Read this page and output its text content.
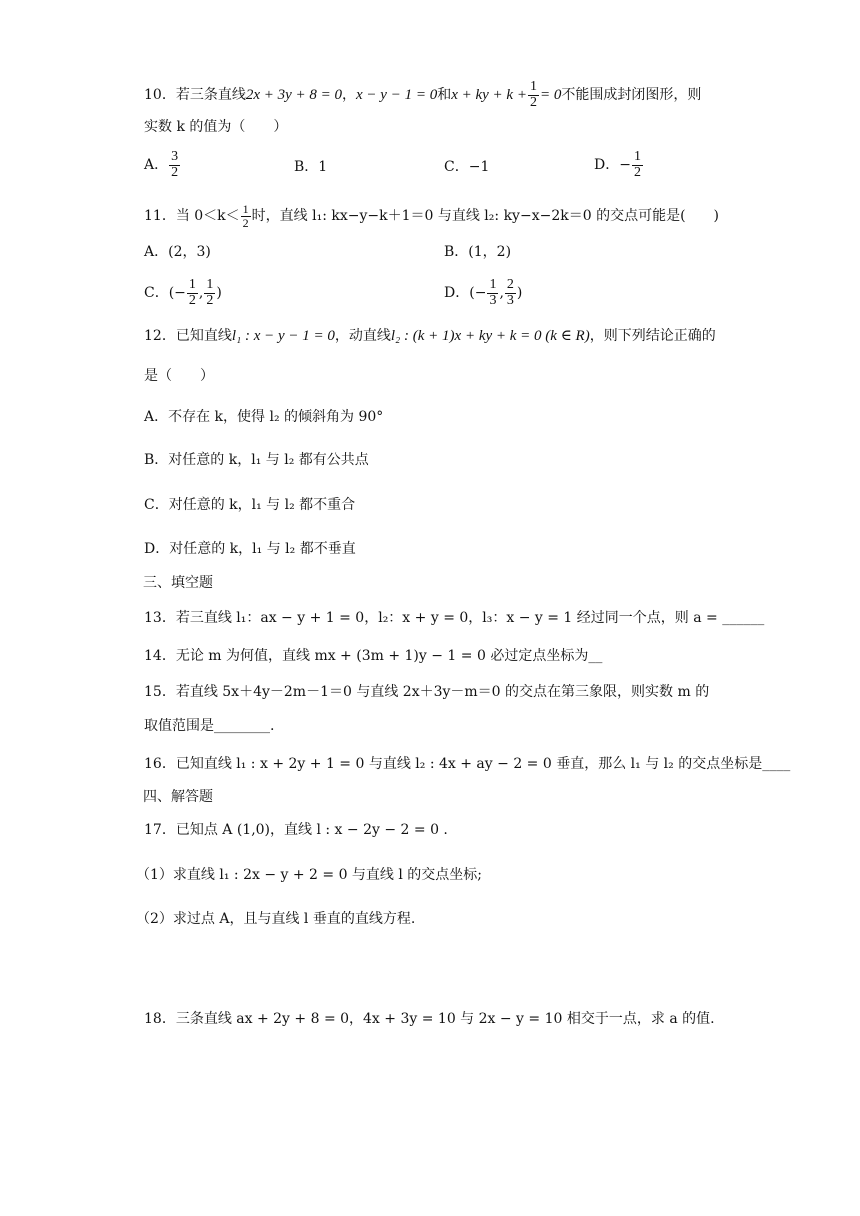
10．若三条直线2x + 3y + 8 = 0，x − y − 1 = 0和x + ky + $k + \frac{1}{2} = 0$不能围成封闭图形，则
实数 k 的值为（　　）
A． $\frac{3}{2}$	B．1	C．−1	D．− $\frac{1}{2}$
11．当 $0<k< \frac{1}{2}$ 时，直线 l₁: kx−y−k＋1＝0 与直线 l₂: ky−x−2k＝0 的交点可能是(　　)
A．(2，3)	B．(1，2)
C．(− $\frac{1}{2}$ , $\frac{1}{2}$ )	D．(− $\frac{1}{3}$ , $\frac{2}{3}$ )
12．已知直线l₁ : x − y − 1 = 0，动直线l₂ : (k + 1)x + ky + k = 0 (k ∈ R)，则下列结论正确的
是（　　）
A．不存在 k，使得 l₂ 的倾斜角为 90°
B．对任意的 k，l₁ 与 l₂ 都有公共点
C．对任意的 k，l₁ 与 l₂ 都不重合
D．对任意的 k，l₁ 与 l₂ 都不垂直
三、填空题
13．若三直线 l₁：ax − y + 1 = 0，l₂：x + y = 0，l₃：x − y = 1 经过同一个点，则 a = ______
14．无论 m 为何值，直线 mx + (3m + 1)y − 1 = 0 必过定点坐标为__
15．若直线 5x＋4y－2m－1＝0 与直线 2x＋3y－m＝0 的交点在第三象限，则实数 m 的
取值范围是________.
16．已知直线 l₁ : x + 2y + 1 = 0 与直线 l₂ : 4x + ay − 2 = 0 垂直，那么 l₁ 与 l₂ 的交点坐标是____
四、解答题
17．已知点 A (1,0)，直线 l : x − 2y − 2 = 0 .
（1）求直线 l₁ : 2x − y + 2 = 0 与直线 l 的交点坐标;
（2）求过点 A，且与直线 l 垂直的直线方程.
18．三条直线 ax + 2y + 8 = 0，4x + 3y = 10 与 2x − y = 10 相交于一点，求 a 的值.
